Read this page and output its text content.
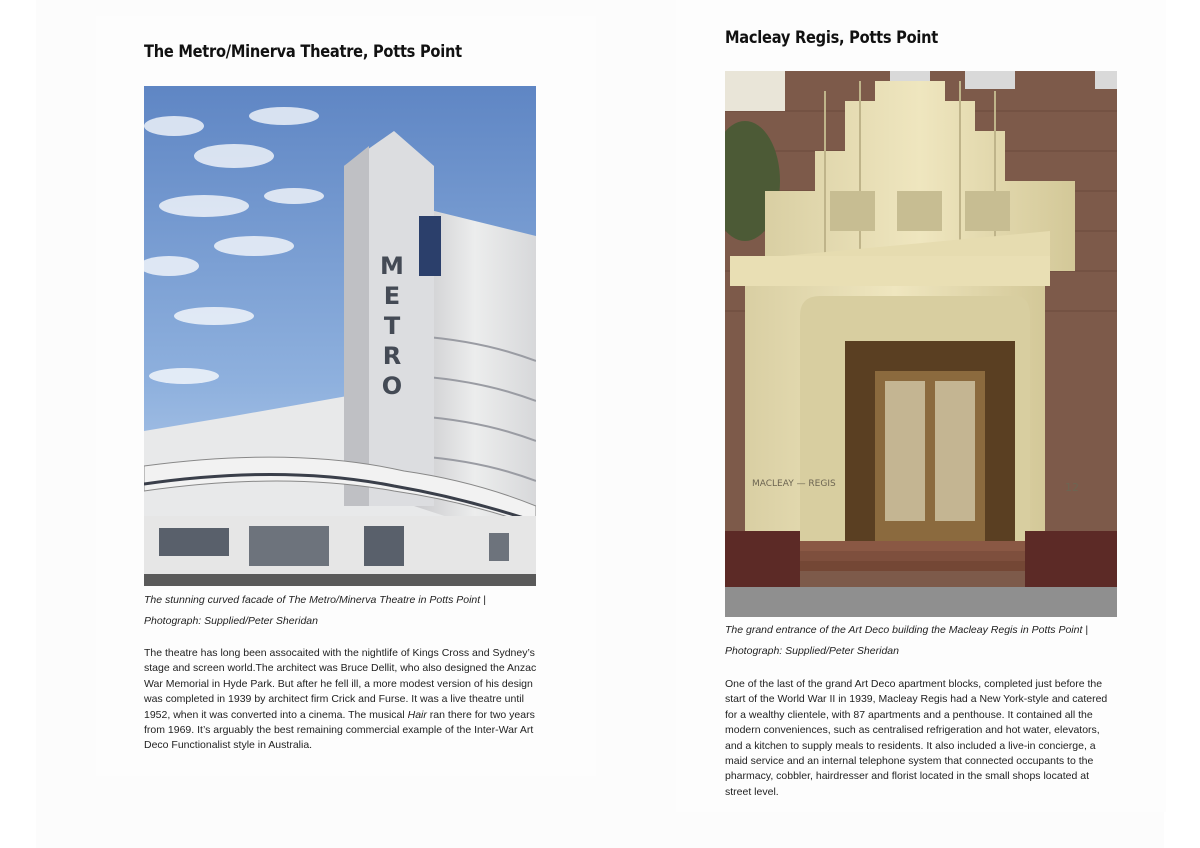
The Metro/Minerva Theatre, Potts Point
M
E
T
R
O

The stunning curved facade of The Metro/Minerva Theatre in Potts Point | Photograph: Supplied/Peter Sheridan

The theatre has long been assocaited with the nightlife of Kings Cross and Sydney’s stage and screen world.The architect was Bruce Dellit, who also designed the Anzac War Memorial in Hyde Park. But after he fell ill, a more modest version of his design was completed in 1939 by architect firm Crick and Furse. It was a live theatre until 1952, when it was converted into a cinema. The musical Hair ran there for two years from 1969. It’s arguably the best remaining commercial example of the Inter-War Art Deco Functionalist style in Australia.

Macleay Regis, Potts Point
MACLEAY — REGIS	12

The grand entrance of the Art Deco building the Macleay Regis in Potts Point | Photograph: Supplied/Peter Sheridan

One of the last of the grand Art Deco apartment blocks, completed just before the start of the World War II in 1939, Macleay Regis had a New York-style and catered for a wealthy clientele, with 87 apartments and a penthouse. It contained all the modern conveniences, such as centralised refrigeration and hot water, elevators, and a kitchen to supply meals to residents. It also included a live-in concierge, a maid service and an internal telephone system that connected occupants to the pharmacy, cobbler, hairdresser and florist located in the small shops located at street level.
